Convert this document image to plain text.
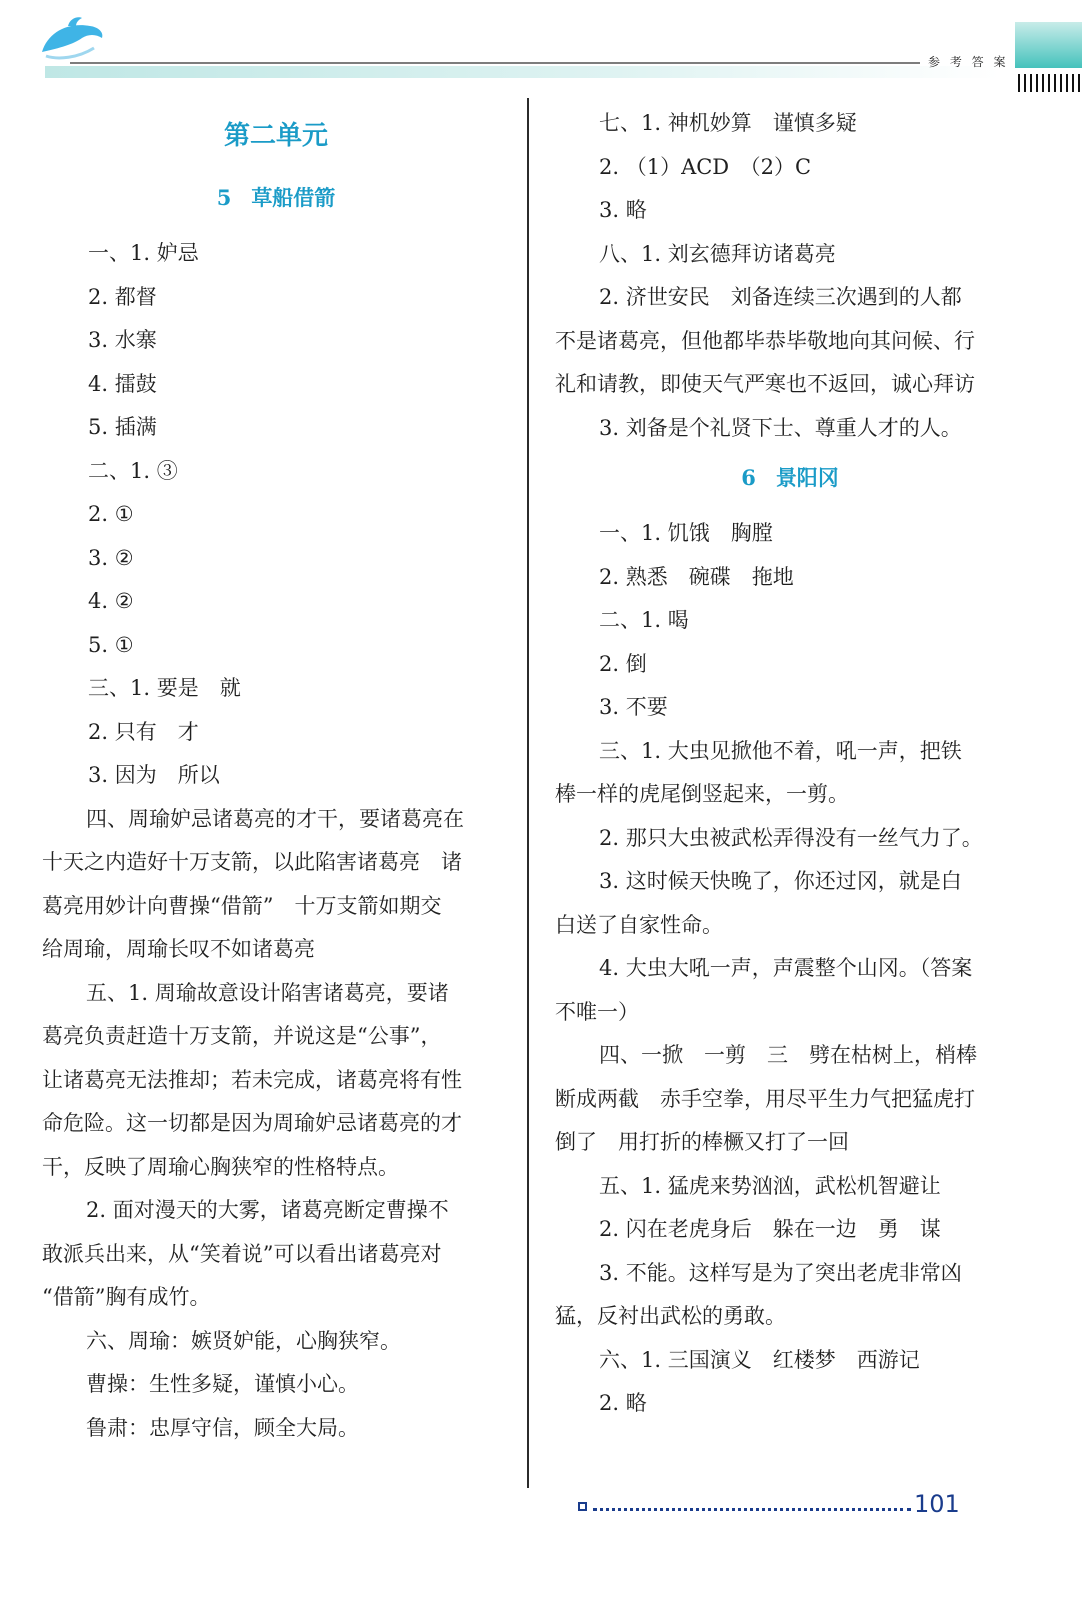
参 考 答 案
第二单元
5 草船借箭
一、1. 妒忌
2. 都督
3. 水寨
4. 擂鼓
5. 插满
二、1. ③
2. ①
3. ②
4. ②
5. ①
三、1. 要是　就
2. 只有　才
3. 因为　所以
四、周瑜妒忌诸葛亮的才干，要诸葛亮在
十天之内造好十万支箭，以此陷害诸葛亮　诸
葛亮用妙计向曹操“借箭”　十万支箭如期交
给周瑜，周瑜长叹不如诸葛亮
五、1. 周瑜故意设计陷害诸葛亮，要诸
葛亮负责赶造十万支箭，并说这是“公事”，
让诸葛亮无法推却；若未完成，诸葛亮将有性
命危险。这一切都是因为周瑜妒忌诸葛亮的才
干，反映了周瑜心胸狭窄的性格特点。
2. 面对漫天的大雾，诸葛亮断定曹操不
敢派兵出来，从“笑着说”可以看出诸葛亮对
“借箭”胸有成竹。
六、周瑜：嫉贤妒能，心胸狭窄。
曹操：生性多疑，谨慎小心。
鲁肃：忠厚守信，顾全大局。
七、1. 神机妙算　谨慎多疑
2. （1）ACD　（2）C
3. 略
八、1. 刘玄德拜访诸葛亮
2. 济世安民　刘备连续三次遇到的人都
不是诸葛亮，但他都毕恭毕敬地向其问候、行
礼和请教，即使天气严寒也不返回，诚心拜访
3. 刘备是个礼贤下士、尊重人才的人。
6 景阳冈
一、1. 饥饿　胸膛
2. 熟悉　碗碟　拖地
二、1. 喝
2. 倒
3. 不要
三、1. 大虫见掀他不着，吼一声，把铁
棒一样的虎尾倒竖起来，一剪。
2. 那只大虫被武松弄得没有一丝气力了。
3. 这时候天快晚了，你还过冈，就是白
白送了自家性命。
4. 大虫大吼一声，声震整个山冈。（答案
不唯一）
四、一掀　一剪　三　劈在枯树上，梢棒
断成两截　赤手空拳，用尽平生力气把猛虎打
倒了　用打折的棒橛又打了一回
五、1. 猛虎来势汹汹，武松机智避让
2. 闪在老虎身后　躲在一边　勇　谋
3. 不能。这样写是为了突出老虎非常凶
猛，反衬出武松的勇敢。
六、1. 三国演义　红楼梦　西游记
2. 略
101
